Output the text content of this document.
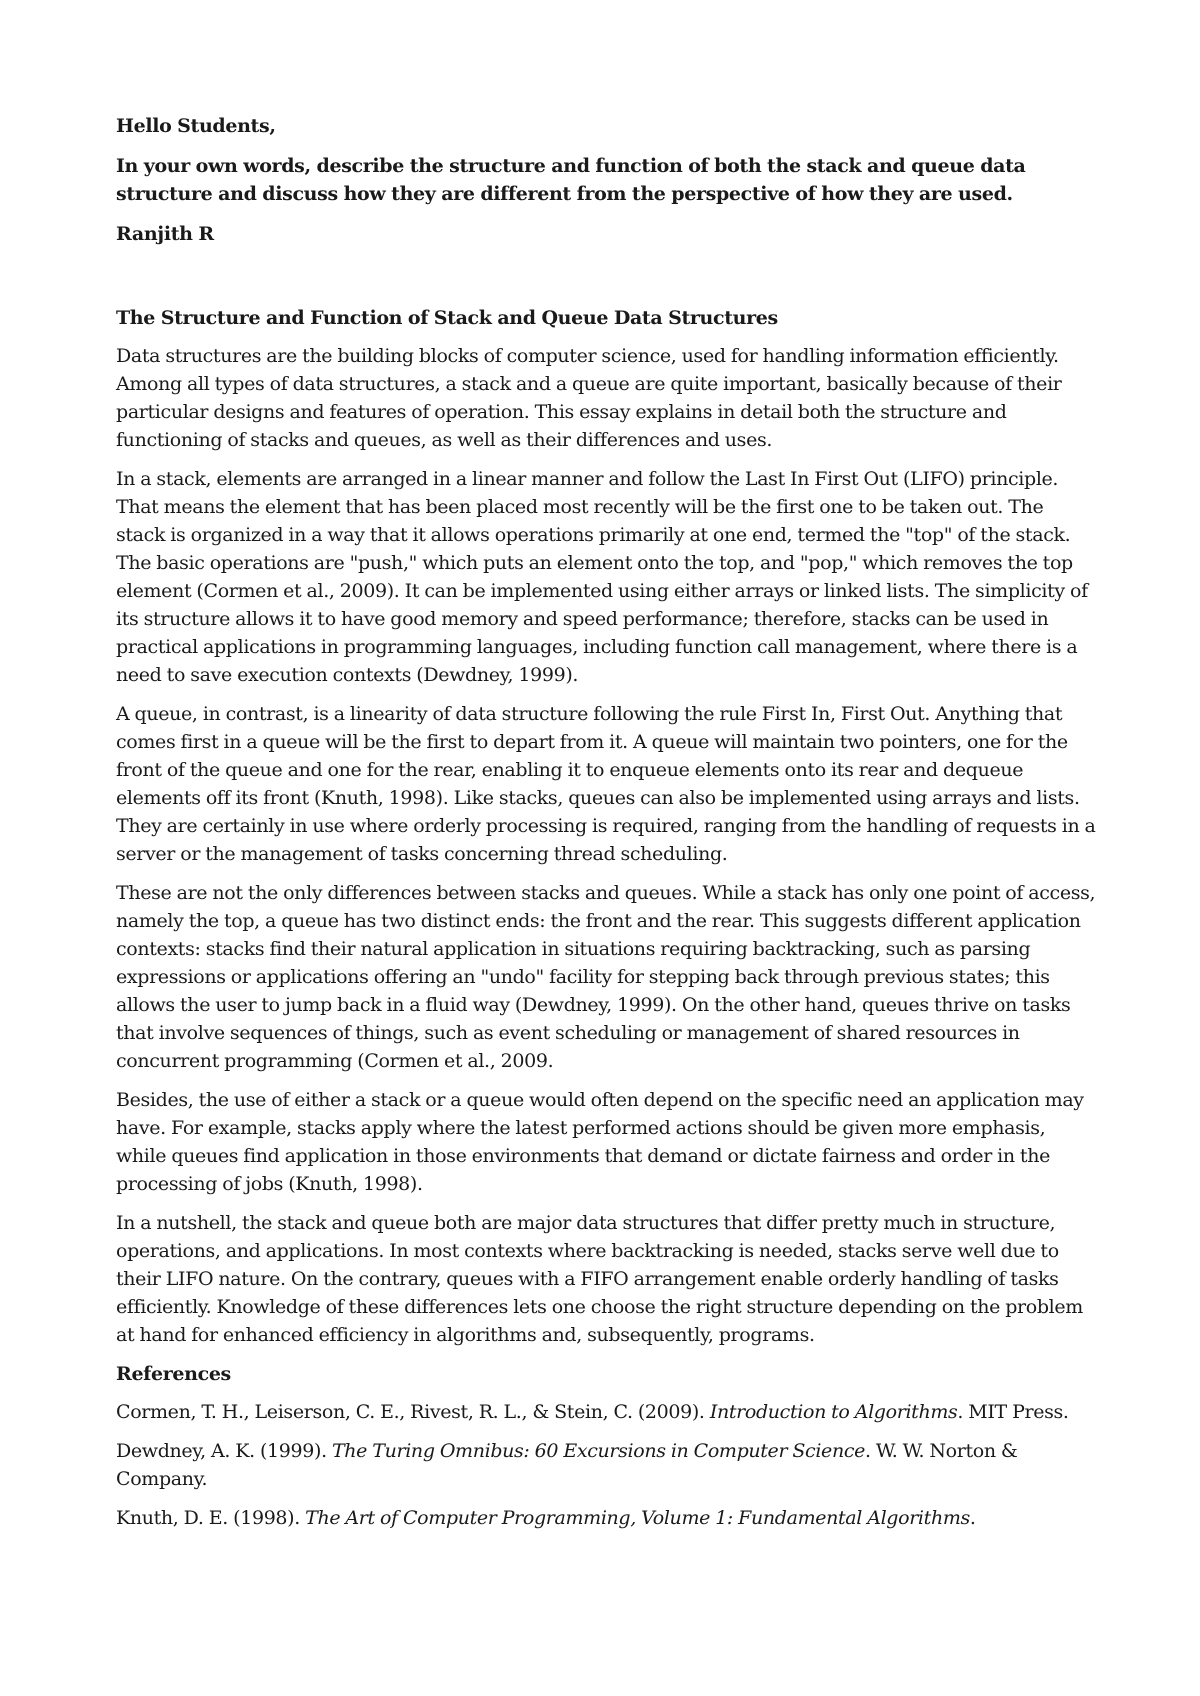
Hello Students,

In your own words, describe the structure and function of both the stack and queue data structure and discuss how they are different from the perspective of how they are used.

Ranjith R

The Structure and Function of Stack and Queue Data Structures

Data structures are the building blocks of computer science, used for handling information efficiently. Among all types of data structures, a stack and a queue are quite important, basically because of their particular designs and features of operation. This essay explains in detail both the structure and functioning of stacks and queues, as well as their differences and uses.

In a stack, elements are arranged in a linear manner and follow the Last In First Out (LIFO) principle. That means the element that has been placed most recently will be the first one to be taken out. The stack is organized in a way that it allows operations primarily at one end, termed the "top" of the stack. The basic operations are "push," which puts an element onto the top, and "pop," which removes the top element (Cormen et al., 2009). It can be implemented using either arrays or linked lists. The simplicity of its structure allows it to have good memory and speed performance; therefore, stacks can be used in practical applications in programming languages, including function call management, where there is a need to save execution contexts (Dewdney, 1999).

A queue, in contrast, is a linearity of data structure following the rule First In, First Out. Anything that comes first in a queue will be the first to depart from it. A queue will maintain two pointers, one for the front of the queue and one for the rear, enabling it to enqueue elements onto its rear and dequeue elements off its front (Knuth, 1998). Like stacks, queues can also be implemented using arrays and lists. They are certainly in use where orderly processing is required, ranging from the handling of requests in a server or the management of tasks concerning thread scheduling.

These are not the only differences between stacks and queues. While a stack has only one point of access, namely the top, a queue has two distinct ends: the front and the rear. This suggests different application contexts: stacks find their natural application in situations requiring backtracking, such as parsing expressions or applications offering an "undo" facility for stepping back through previous states; this allows the user to jump back in a fluid way (Dewdney, 1999). On the other hand, queues thrive on tasks that involve sequences of things, such as event scheduling or management of shared resources in concurrent programming (Cormen et al., 2009.

Besides, the use of either a stack or a queue would often depend on the specific need an application may have. For example, stacks apply where the latest performed actions should be given more emphasis, while queues find application in those environments that demand or dictate fairness and order in the processing of jobs (Knuth, 1998).

In a nutshell, the stack and queue both are major data structures that differ pretty much in structure, operations, and applications. In most contexts where backtracking is needed, stacks serve well due to their LIFO nature. On the contrary, queues with a FIFO arrangement enable orderly handling of tasks efficiently. Knowledge of these differences lets one choose the right structure depending on the problem at hand for enhanced efficiency in algorithms and, subsequently, programs.

References

Cormen, T. H., Leiserson, C. E., Rivest, R. L., & Stein, C. (2009). Introduction to Algorithms. MIT Press.

Dewdney, A. K. (1999). The Turing Omnibus: 60 Excursions in Computer Science. W. W. Norton & Company.

Knuth, D. E. (1998). The Art of Computer Programming, Volume 1: Fundamental Algorithms.
